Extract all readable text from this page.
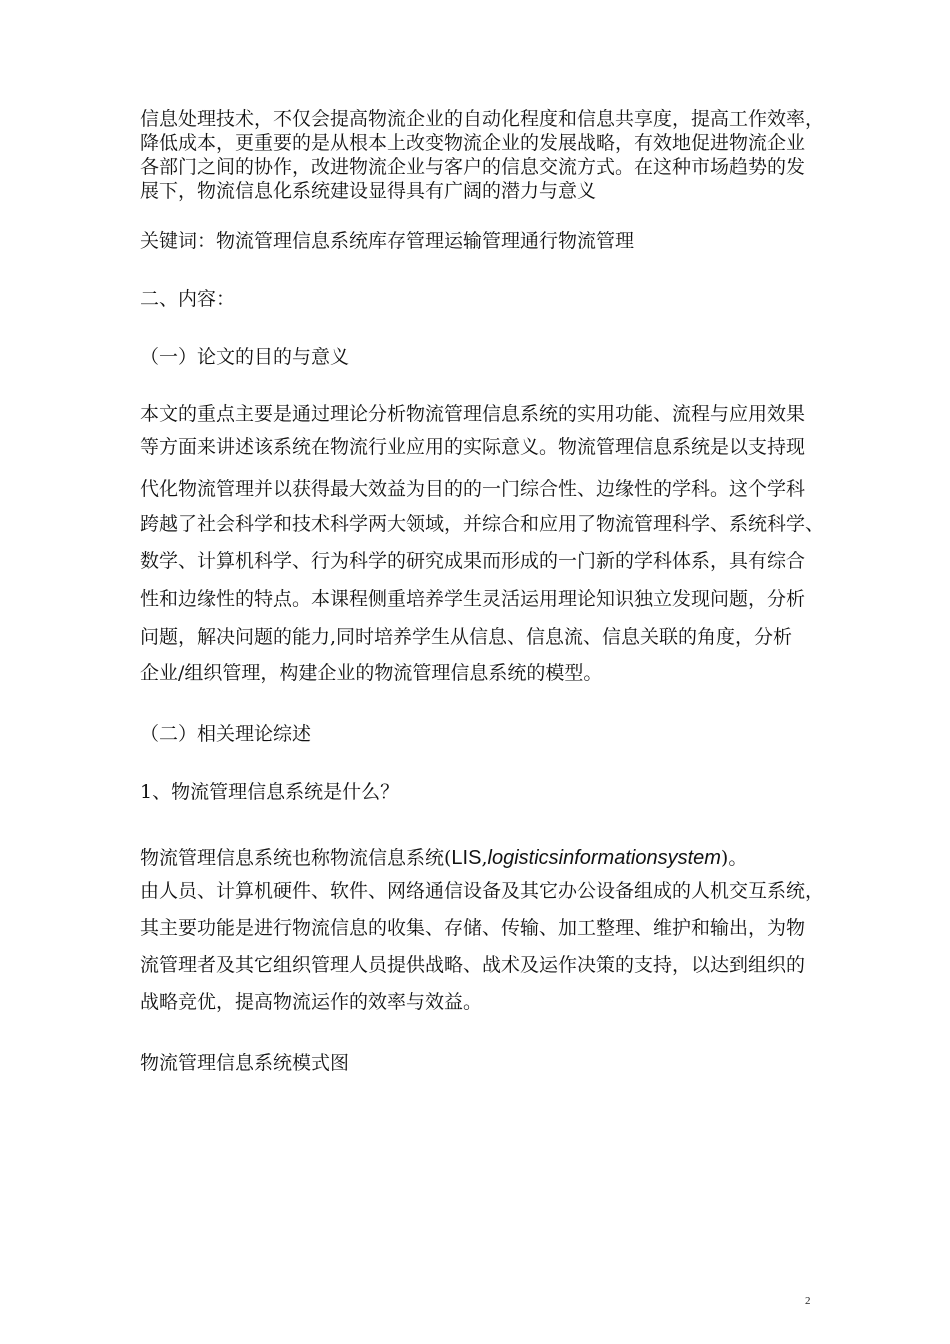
信息处理技术，不仅会提高物流企业的自动化程度和信息共享度，提高工作效率，

降低成本，更重要的是从根本上改变物流企业的发展战略，有效地促进物流企业

各部门之间的协作，改进物流企业与客户的信息交流方式。在这种市场趋势的发

展下，物流信息化系统建设显得具有广阔的潜力与意义

关键词：物流管理信息系统库存管理运输管理通行物流管理

二、内容：

（一）论文的目的与意义

本文的重点主要是通过理论分析物流管理信息系统的实用功能、流程与应用效果

等方面来讲述该系统在物流行业应用的实际意义。物流管理信息系统是以支持现

代化物流管理并以获得最大效益为目的的一门综合性、边缘性的学科。这个学科

跨越了社会科学和技术科学两大领域，并综合和应用了物流管理科学、系统科学、

数学、计算机科学、行为科学的研究成果而形成的一门新的学科体系，具有综合

性和边缘性的特点。本课程侧重培养学生灵活运用理论知识独立发现问题，分析

问题，解决问题的能力,同时培养学生从信息、信息流、信息关联的角度，分析

企业/组织管理，构建企业的物流管理信息系统的模型。

（二）相关理论综述

1、物流管理信息系统是什么？

物流管理信息系统也称物流信息系统(LIS,logisticsinformationsystem)。

由人员、计算机硬件、软件、网络通信设备及其它办公设备组成的人机交互系统，

其主要功能是进行物流信息的收集、存储、传输、加工整理、维护和输出，为物

流管理者及其它组织管理人员提供战略、战术及运作决策的支持，以达到组织的

战略竞优，提高物流运作的效率与效益。

物流管理信息系统模式图

2
